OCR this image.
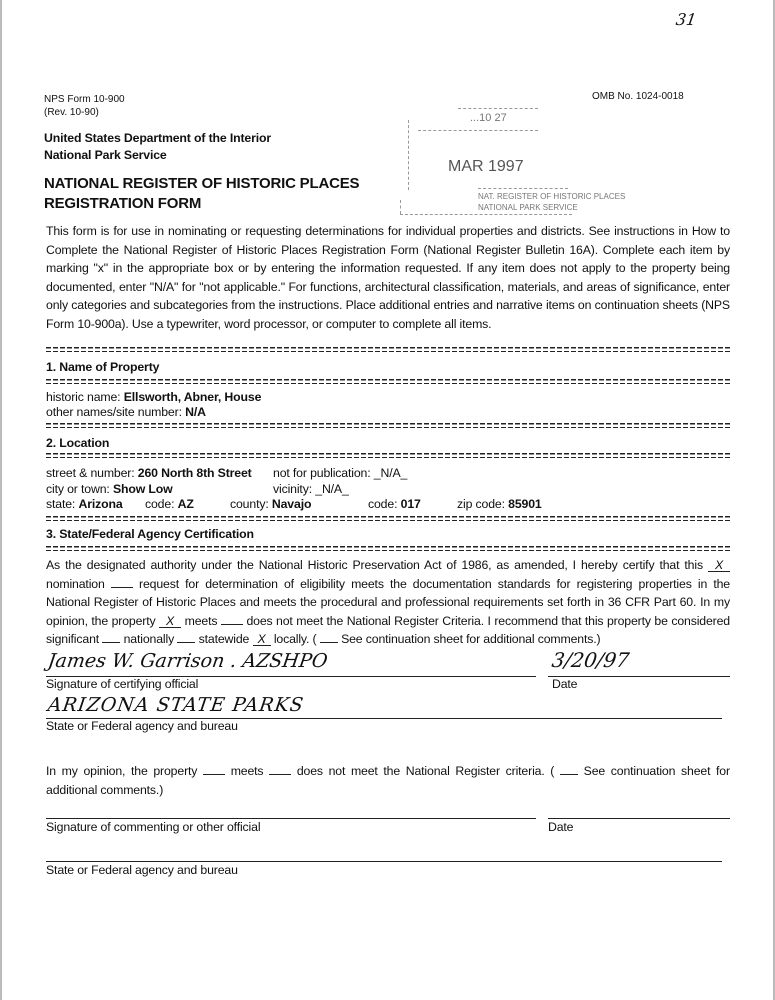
31
NPS Form 10-900
(Rev. 10-90)
OMB No. 1024-0018
United States Department of the Interior
National Park Service
NATIONAL REGISTER OF HISTORIC PLACES
REGISTRATION FORM
...10 27
MAR 1997
NAT. REGISTER OF HISTORIC PLACES
NATIONAL PARK SERVICE
This form is for use in nominating or requesting determinations for individual properties and districts. See instructions in How to Complete the National Register of Historic Places Registration Form (National Register Bulletin 16A). Complete each item by marking "x" in the appropriate box or by entering the information requested. If any item does not apply to the property being documented, enter "N/A" for "not applicable." For functions, architectural classification, materials, and areas of significance, enter only categories and subcategories from the instructions. Place additional entries and narrative items on continuation sheets (NPS Form 10-900a). Use a typewriter, word processor, or computer to complete all items.
1. Name of Property
historic name: Ellsworth, Abner, House
other names/site number: N/A
2. Location
street & number: 260 North 8th Street not for publication: _N/A_
city or town: Show Low	vicinity: _N/A_
state: Arizona code: AZ	county: Navajo	code: 017	zip code: 85901
3. State/Federal Agency Certification
As the designated authority under the National Historic Preservation Act of 1986, as amended, I hereby certify that this X nomination	request for determination of eligibility meets the documentation standards for registering properties in the National Register of Historic Places and meets the procedural and professional requirements set forth in 36 CFR Part 60. In my opinion, the property X meets does not meet the National Register Criteria. I recommend that this property be considered significant nationally statewide X locally. ( See continuation sheet for additional comments.)
James W. Garrison . AZSHPO	3/20/97
Signature of certifying official	Date
ARIZONA STATE PARKS
State or Federal agency and bureau
In my opinion, the property	meets	does not meet the National Register criteria. ( See continuation sheet for additional comments.)
Signature of commenting or other official	Date
State or Federal agency and bureau
